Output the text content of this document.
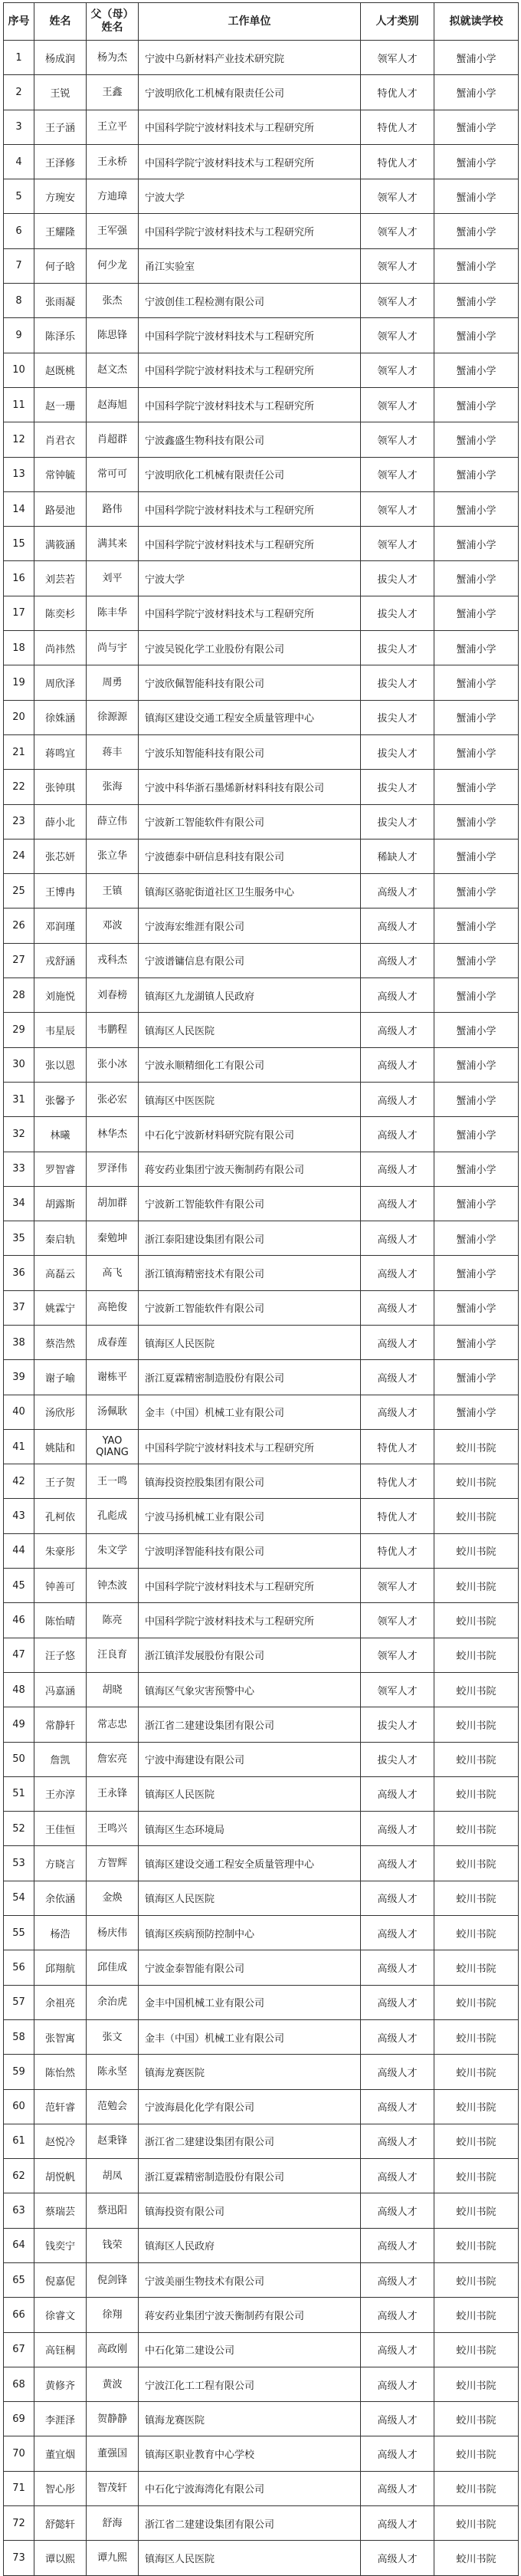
序号	姓名	父（母）姓名	工作单位	人才类别	拟就读学校
1	杨成润	杨为杰	宁波中乌新材料产业技术研究院	领军人才	蟹浦小学
2	王锐	王鑫	宁波明欣化工机械有限责任公司	特优人才	蟹浦小学
3	王子涵	王立平	中国科学院宁波材料技术与工程研究所	特优人才	蟹浦小学
4	王泽修	王永桥	中国科学院宁波材料技术与工程研究所	特优人才	蟹浦小学
5	方琬安	方迪璋	宁波大学	领军人才	蟹浦小学
6	王耀隆	王军强	中国科学院宁波材料技术与工程研究所	领军人才	蟹浦小学
7	何子晗	何少龙	甬江实验室	领军人才	蟹浦小学
8	张雨凝	张杰	宁波创佳工程检测有限公司	领军人才	蟹浦小学
9	陈泽乐	陈思锋	中国科学院宁波材料技术与工程研究所	领军人才	蟹浦小学
10	赵既桃	赵文杰	中国科学院宁波材料技术与工程研究所	领军人才	蟹浦小学
11	赵一珊	赵海旭	中国科学院宁波材料技术与工程研究所	领军人才	蟹浦小学
12	肖君衣	肖超群	宁波鑫盛生物科技有限公司	领军人才	蟹浦小学
13	常钟毓	常可可	宁波明欣化工机械有限责任公司	领军人才	蟹浦小学
14	路晏池	路伟	中国科学院宁波材料技术与工程研究所	领军人才	蟹浦小学
15	满筱涵	满其来	中国科学院宁波材料技术与工程研究所	领军人才	蟹浦小学
16	刘芸若	刘平	宁波大学	拔尖人才	蟹浦小学
17	陈奕杉	陈丰华	中国科学院宁波材料技术与工程研究所	拔尖人才	蟹浦小学
18	尚祎然	尚与宇	宁波吴锐化学工业股份有限公司	拔尖人才	蟹浦小学
19	周欣泽	周勇	宁波欣佩智能科技有限公司	拔尖人才	蟹浦小学
20	徐姝涵	徐源源	镇海区建设交通工程安全质量管理中心	拔尖人才	蟹浦小学
21	蒋鸣宜	蒋丰	宁波乐知智能科技有限公司	拔尖人才	蟹浦小学
22	张钟琪	张海	宁波中科华浙石墨烯新材料科技有限公司	拔尖人才	蟹浦小学
23	薛小北	薛立伟	宁波新工智能软件有限公司	拔尖人才	蟹浦小学
24	张芯妍	张立华	宁波德泰中研信息科技有限公司	稀缺人才	蟹浦小学
25	王博冉	王镇	镇海区骆驼街道社区卫生服务中心	高级人才	蟹浦小学
26	邓润瑾	邓波	宁波海宏维涯有限公司	高级人才	蟹浦小学
27	戎舒涵	戎科杰	宁波谱镛信息有限公司	高级人才	蟹浦小学
28	刘施悦	刘春榜	镇海区九龙湖镇人民政府	高级人才	蟹浦小学
29	韦星辰	韦鹏程	镇海区人民医院	高级人才	蟹浦小学
30	张以恩	张小冰	宁波永顺精细化工有限公司	高级人才	蟹浦小学
31	张馨予	张必宏	镇海区中医医院	高级人才	蟹浦小学
32	林曦	林华杰	中石化宁波新材料研究院有限公司	高级人才	蟹浦小学
33	罗智睿	罗泽伟	蒋安药业集团宁波天衡制药有限公司	高级人才	蟹浦小学
34	胡露斯	胡加群	宁波新工智能软件有限公司	高级人才	蟹浦小学
35	秦启轨	秦勉坤	浙江泰阳建设集团有限公司	高级人才	蟹浦小学
36	高磊云	高飞	浙江镇海精密技术有限公司	高级人才	蟹浦小学
37	姚霖宁	高艳俊	宁波新工智能软件有限公司	高级人才	蟹浦小学
38	蔡浩然	成春莲	镇海区人民医院	高级人才	蟹浦小学
39	谢子喻	谢栋平	浙江夏霖精密制造股份有限公司	高级人才	蟹浦小学
40	汤欣彤	汤佩耿	金丰（中国）机械工业有限公司	高级人才	蟹浦小学
41	姚陆和	YAO QIANG	中国科学院宁波材料技术与工程研究所	特优人才	蛟川书院
42	王子贺	王一鸣	镇海投资控股集团有限公司	特优人才	蛟川书院
43	孔柯依	孔彪成	宁波马扬机械工业有限公司	特优人才	蛟川书院
44	朱豪彤	朱文学	宁波明泽智能科技有限公司	特优人才	蛟川书院
45	钟善可	钟杰波	中国科学院宁波材料技术与工程研究所	领军人才	蛟川书院
46	陈怡晴	陈亮	中国科学院宁波材料技术与工程研究所	领军人才	蛟川书院
47	汪子悠	汪良育	浙江镇洋发展股份有限公司	领军人才	蛟川书院
48	冯嘉涵	胡晓	镇海区气象灾害预警中心	领军人才	蛟川书院
49	常静轩	常志忠	浙江省二建建设集团有限公司	拔尖人才	蛟川书院
50	詹凯	詹宏亮	宁波中海建设有限公司	拔尖人才	蛟川书院
51	王亦淳	王永锋	镇海区人民医院	高级人才	蛟川书院
52	王佳恒	王鸣兴	镇海区生态环境局	高级人才	蛟川书院
53	方晓言	方智辉	镇海区建设交通工程安全质量管理中心	高级人才	蛟川书院
54	余依涵	金焕	镇海区人民医院	高级人才	蛟川书院
55	杨浩	杨庆伟	镇海区疾病预防控制中心	高级人才	蛟川书院
56	邱翔航	邱佳成	宁波金泰智能有限公司	高级人才	蛟川书院
57	余祖亮	余治虎	金丰中国机械工业有限公司	高级人才	蛟川书院
58	张智寓	张文	金丰（中国）机械工业有限公司	高级人才	蛟川书院
59	陈怡然	陈永坚	镇海龙赛医院	高级人才	蛟川书院
60	范轩睿	范勉会	宁波海晨化化学有限公司	高级人才	蛟川书院
61	赵悦冷	赵秉锋	浙江省二建建设集团有限公司	高级人才	蛟川书院
62	胡悦帆	胡凤	浙江夏霖精密制造股份有限公司	高级人才	蛟川书院
63	蔡瑞芸	蔡迅阳	镇海投资有限公司	高级人才	蛟川书院
64	钱奕宁	钱荣	镇海区人民政府	高级人才	蛟川书院
65	倪嘉伲	倪剑锋	宁波美丽生物技术有限公司	高级人才	蛟川书院
66	徐睿文	徐翔	蒋安药业集团宁波天衡制药有限公司	高级人才	蛟川书院
67	高钰桐	高政刚	中石化第二建设公司	高级人才	蛟川书院
68	黄修齐	黄波	宁波江化工工程有限公司	高级人才	蛟川书院
69	李涯泽	贺静静	镇海龙赛医院	高级人才	蛟川书院
70	董宜烟	董强国	镇海区职业教育中心学校	高级人才	蛟川书院
71	智心彤	智茂轩	中石化宁波海湾化有限公司	高级人才	蛟川书院
72	舒懿轩	舒海	浙江省二建建设集团有限公司	高级人才	蛟川书院
73	谭以熙	谭九熙	镇海区人民医院	高级人才	蛟川书院
